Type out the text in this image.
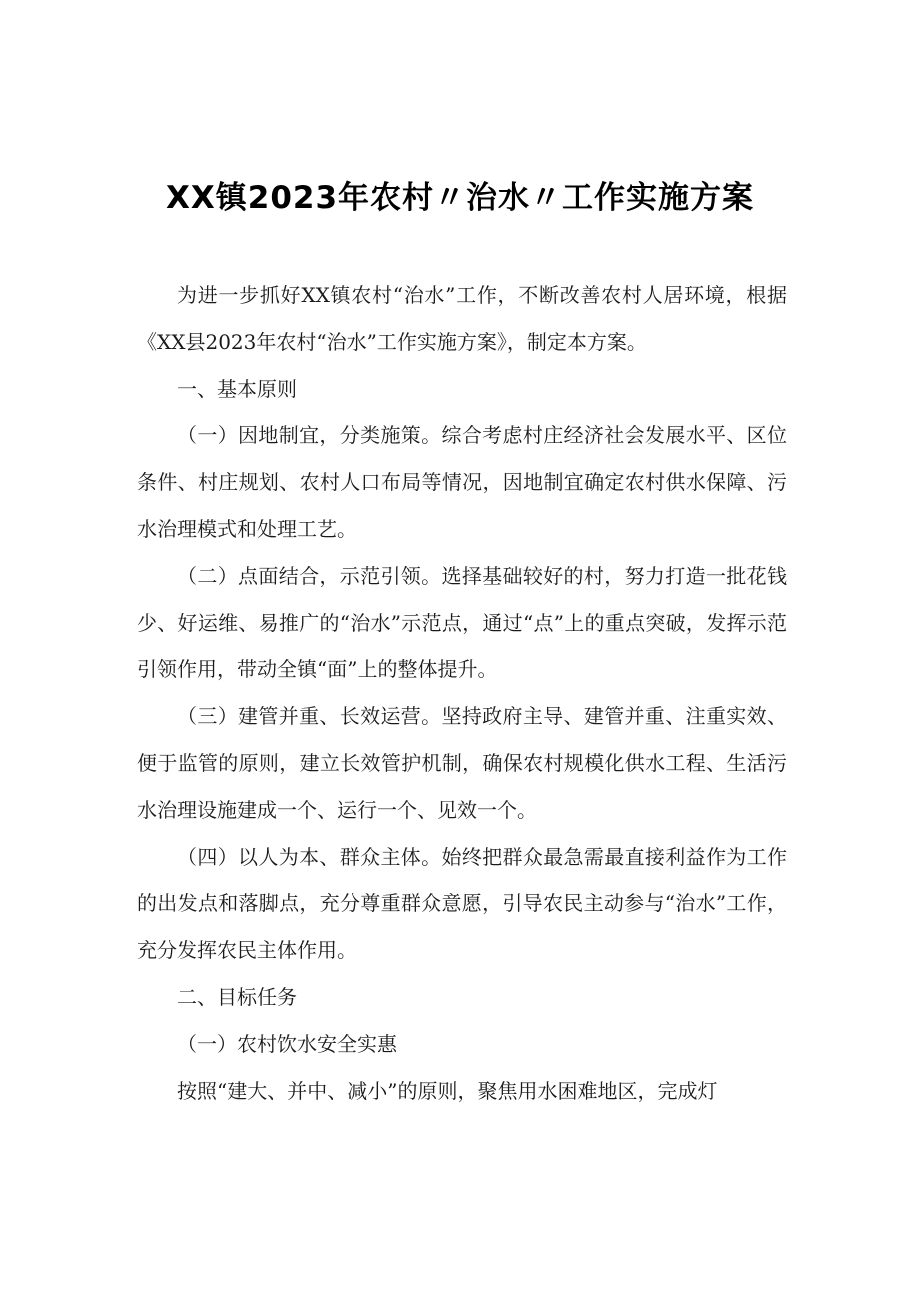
XX镇2023年农村〃治水〃工作实施方案

为进一步抓好XX镇农村“治水”工作，不断改善农村人居环境，根据《XX县2023年农村“治水”工作实施方案》，制定本方案。

一、基本原则

（一）因地制宜，分类施策。综合考虑村庄经济社会发展水平、区位条件、村庄规划、农村人口布局等情况，因地制宜确定农村供水保障、污水治理模式和处理工艺。

（二）点面结合，示范引领。选择基础较好的村，努力打造一批花钱少、好运维、易推广的“治水”示范点，通过“点”上的重点突破，发挥示范引领作用，带动全镇“面”上的整体提升。

（三）建管并重、长效运营。坚持政府主导、建管并重、注重实效、便于监管的原则，建立长效管护机制，确保农村规模化供水工程、生活污水治理设施建成一个、运行一个、见效一个。

（四）以人为本、群众主体。始终把群众最急需最直接利益作为工作的出发点和落脚点，充分尊重群众意愿，引导农民主动参与“治水”工作，充分发挥农民主体作用。

二、目标任务

（一）农村饮水安全实惠

按照“建大、并中、减小”的原则，聚焦用水困难地区，完成灯
